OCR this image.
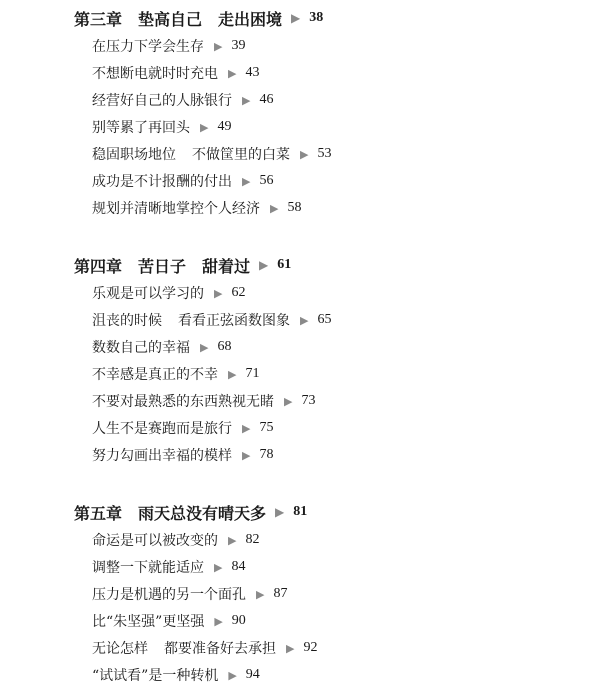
第三章 垫高自己 走出困境 ▶ 38
在压力下学会生存 ▶ 39
不想断电就时时充电 ▶ 43
经营好自己的人脉银行 ▶ 46
别等累了再回头 ▶ 49
稳固职场地位 不做筐里的白菜 ▶ 53
成功是不计报酬的付出 ▶ 56
规划并清晰地掌控个人经济 ▶ 58
第四章 苦日子 甜着过 ▶ 61
乐观是可以学习的 ▶ 62
沮丧的时候 看看正弦函数图象 ▶ 65
数数自己的幸福 ▶ 68
不幸感是真正的不幸 ▶ 71
不要对最熟悉的东西熟视无睹 ▶ 73
人生不是赛跑而是旅行 ▶ 75
努力勾画出幸福的模样 ▶ 78
第五章 雨天总没有晴天多 ▶ 81
命运是可以被改变的 ▶ 82
调整一下就能适应 ▶ 84
压力是机遇的另一个面孔 ▶ 87
比“朱坚强”更坚强 ▶ 90
无论怎样 都要准备好去承担 ▶ 92
“试试看”是一种转机 ▶ 94
